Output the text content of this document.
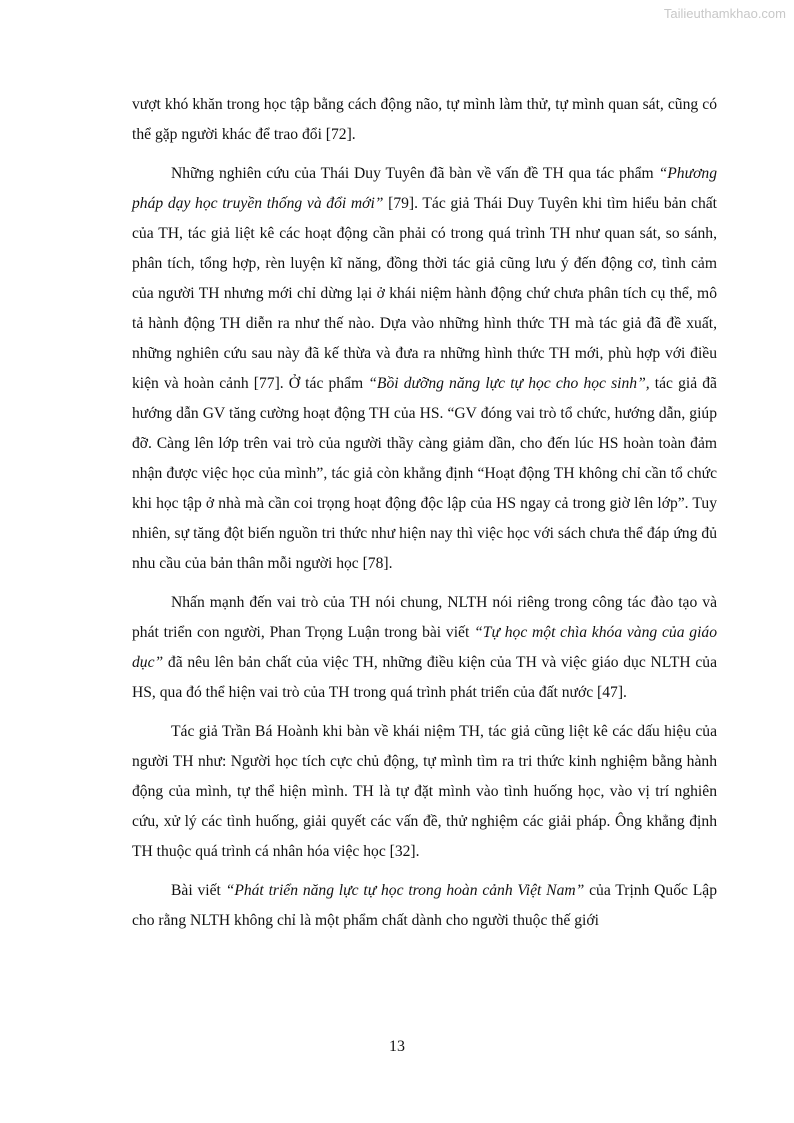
Tailieuthamkhao.com

vượt khó khăn trong học tập bằng cách động não, tự mình làm thử, tự mình quan sát, cũng có thể gặp người khác để trao đổi [72].

Những nghiên cứu của Thái Duy Tuyên đã bàn về vấn đề TH qua tác phẩm “Phương pháp dạy học truyền thống và đổi mới” [79]. Tác giả Thái Duy Tuyên khi tìm hiểu bản chất của TH, tác giả liệt kê các hoạt động cần phải có trong quá trình TH như quan sát, so sánh, phân tích, tổng hợp, rèn luyện kĩ năng, đồng thời tác giả cũng lưu ý đến động cơ, tình cảm của người TH nhưng mới chỉ dừng lại ở khái niệm hành động chứ chưa phân tích cụ thể, mô tả hành động TH diễn ra như thế nào. Dựa vào những hình thức TH mà tác giả đã đề xuất, những nghiên cứu sau này đã kế thừa và đưa ra những hình thức TH mới, phù hợp với điều kiện và hoàn cảnh [77]. Ở tác phẩm “Bồi dưỡng năng lực tự học cho học sinh”, tác giả đã hướng dẫn GV tăng cường hoạt động TH của HS. “GV đóng vai trò tổ chức, hướng dẫn, giúp đỡ. Càng lên lớp trên vai trò của người thầy càng giảm dần, cho đến lúc HS hoàn toàn đảm nhận được việc học của mình”, tác giả còn khẳng định “Hoạt động TH không chỉ cần tổ chức khi học tập ở nhà mà cần coi trọng hoạt động độc lập của HS ngay cả trong giờ lên lớp”. Tuy nhiên, sự tăng đột biến nguồn tri thức như hiện nay thì việc học với sách chưa thể đáp ứng đủ nhu cầu của bản thân mỗi người học [78].

Nhấn mạnh đến vai trò của TH nói chung, NLTH nói riêng trong công tác đào tạo và phát triển con người, Phan Trọng Luận trong bài viết “Tự học một chìa khóa vàng của giáo dục” đã nêu lên bản chất của việc TH, những điều kiện của TH và việc giáo dục NLTH của HS, qua đó thể hiện vai trò của TH trong quá trình phát triển của đất nước [47].

Tác giả Trần Bá Hoành khi bàn về khái niệm TH, tác giả cũng liệt kê các dấu hiệu của người TH như: Người học tích cực chủ động, tự mình tìm ra tri thức kinh nghiệm bằng hành động của mình, tự thể hiện mình. TH là tự đặt mình vào tình huống học, vào vị trí nghiên cứu, xử lý các tình huống, giải quyết các vấn đề, thử nghiệm các giải pháp. Ông khẳng định TH thuộc quá trình cá nhân hóa việc học [32].

Bài viết “Phát triển năng lực tự học trong hoàn cảnh Việt Nam” của Trịnh Quốc Lập cho rằng NLTH không chỉ là một phẩm chất dành cho người thuộc thế giới

13
